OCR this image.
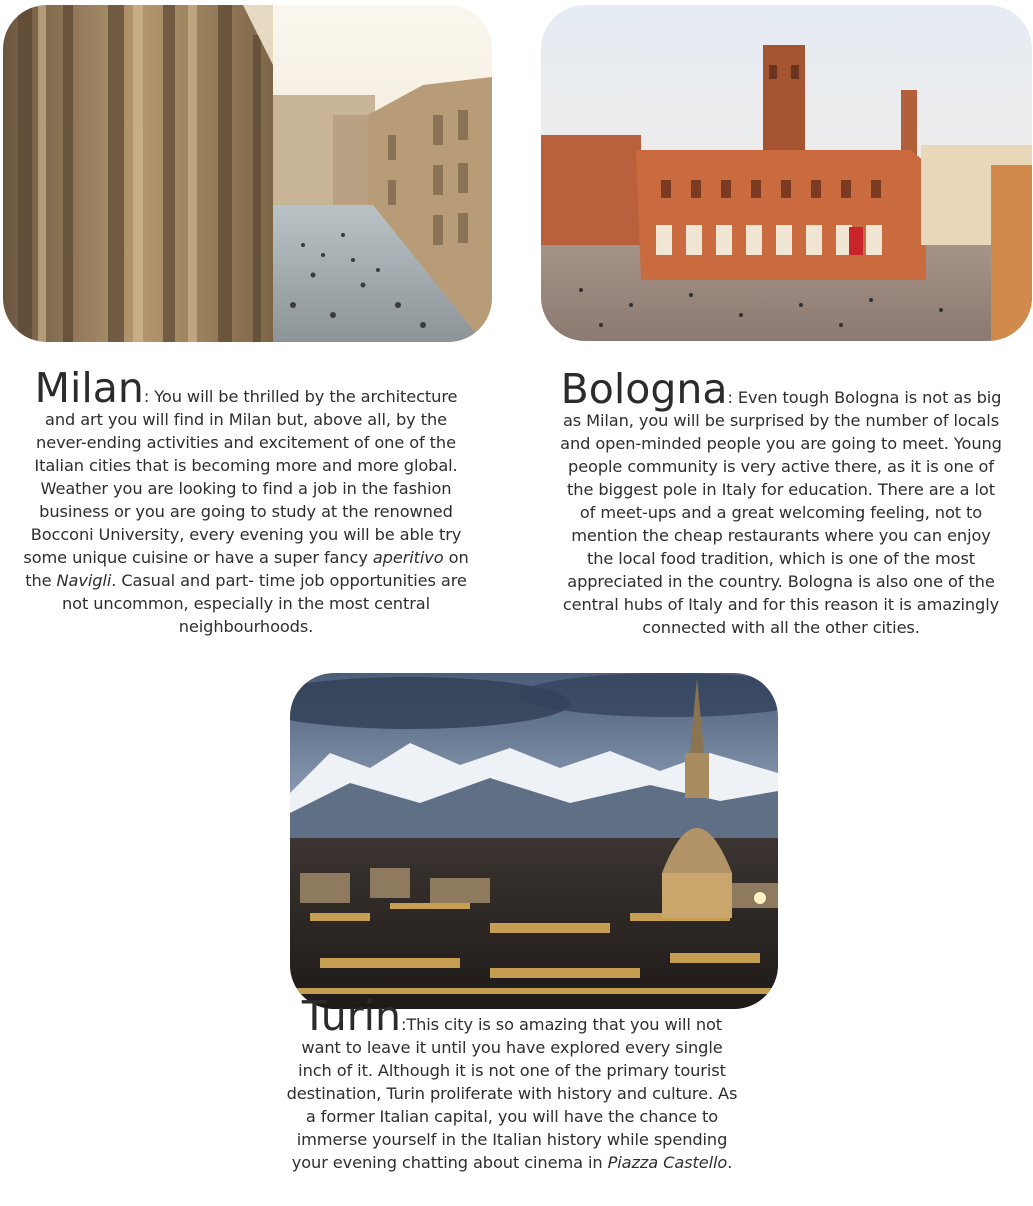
Milan: You will be thrilled by the architecture and art you will find in Milan but, above all, by the never-ending activities and excitement of one of the Italian cities that is becoming more and more global. Weather you are looking to find a job in the fashion business or you are going to study at the renowned Bocconi University, every evening you will be able try some unique cuisine or have a super fancy aperitivo on the Navigli. Casual and part- time job opportunities are not uncommon, especially in the most central neighbourhoods.
Bologna: Even tough Bologna is not as big as Milan, you will be surprised by the number of locals and open-minded people you are going to meet. Young people community is very active there, as it is one of the biggest pole in Italy for education. There are a lot of meet-ups and a great welcoming feeling, not to mention the cheap restaurants where you can enjoy the local food tradition, which is one of the most appreciated in the country. Bologna is also one of the central hubs of Italy and for this reason it is amazingly connected with all the other cities.
Turin:This city is so amazing that you will not want to leave it until you have explored every single inch of it. Although it is not one of the primary tourist destination, Turin proliferate with history and culture. As a former Italian capital, you will have the chance to immerse yourself in the Italian history while spending your evening chatting about cinema in Piazza Castello.
